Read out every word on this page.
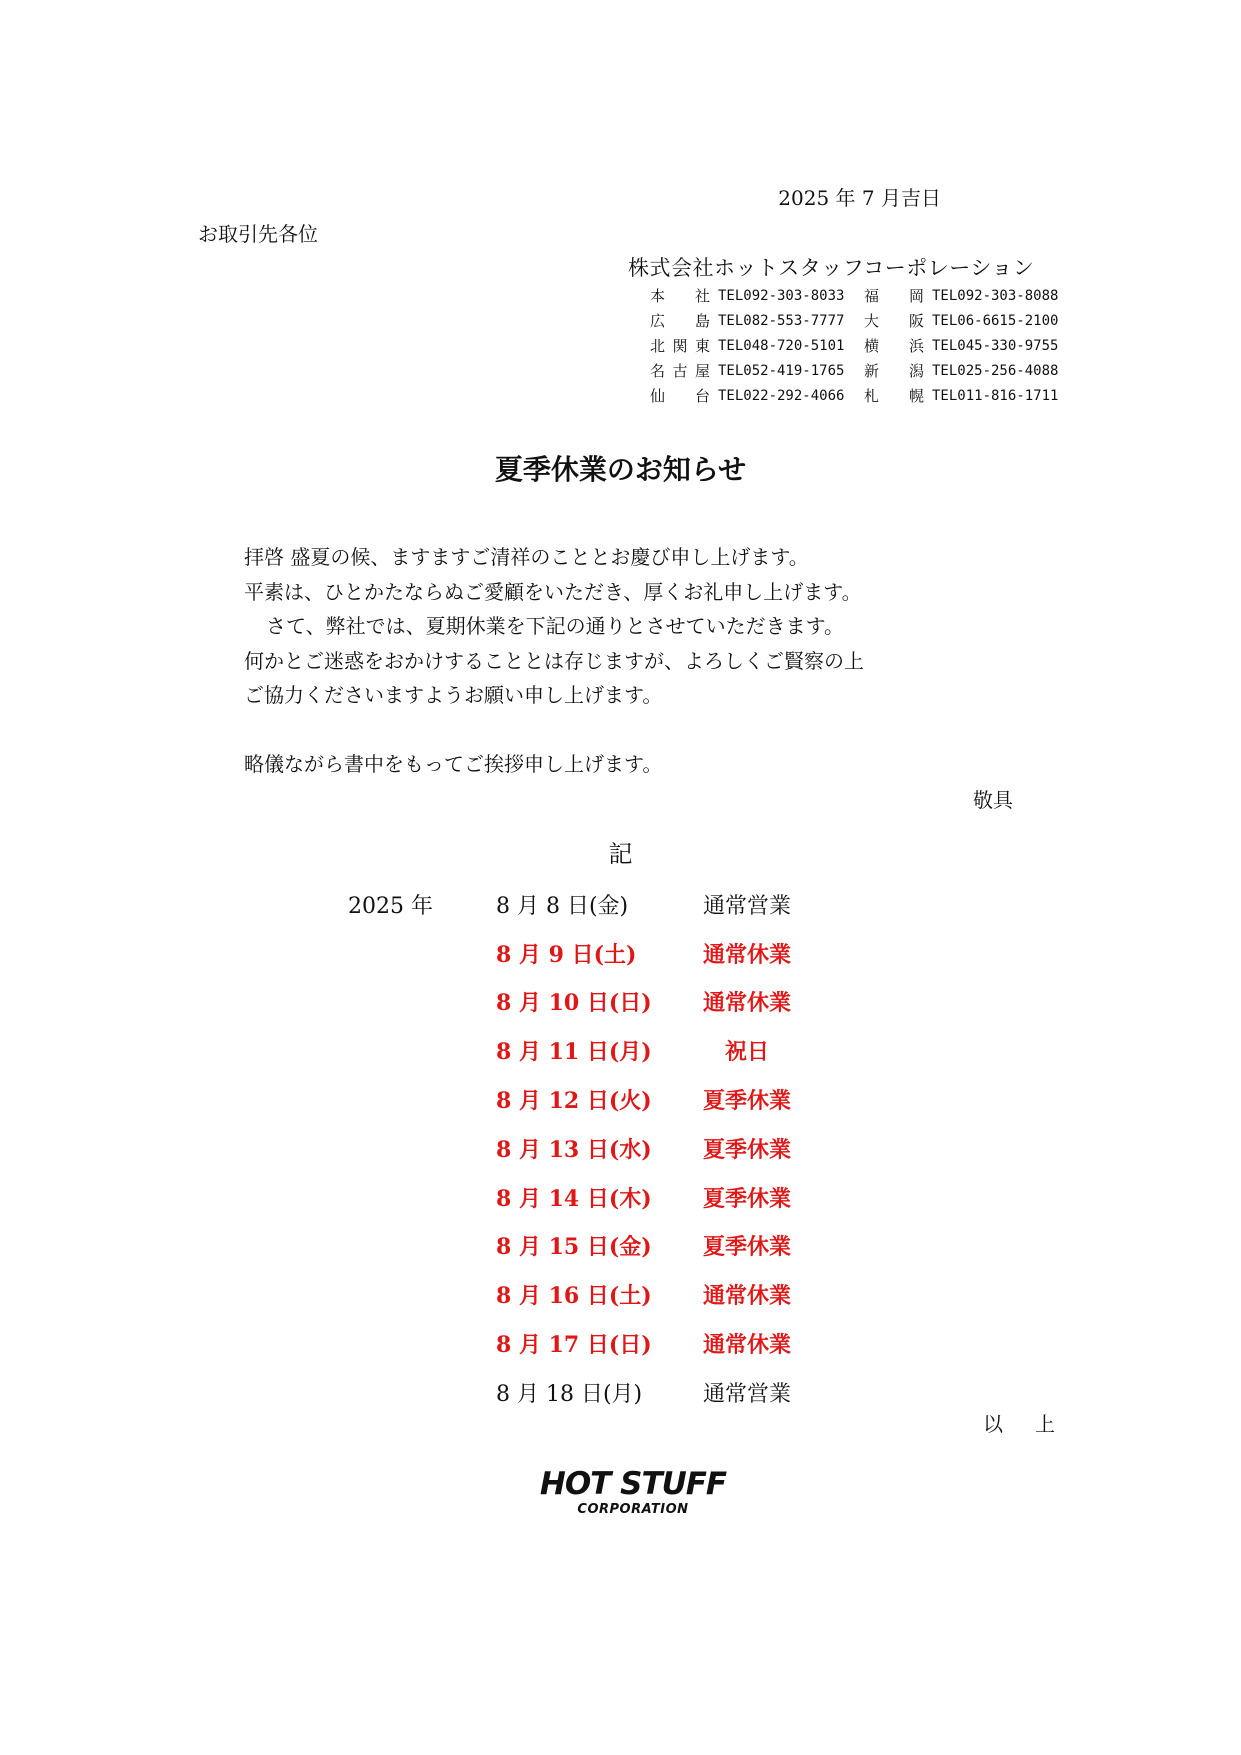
2025 年 7 月吉日
お取引先各位
株式会社ホットスタッフコーポレーション
本　社 TEL092-303-8033	福　岡 TEL092-303-8088
広　島 TEL082-553-7777	大　阪 TEL06-6615-2100
北関東 TEL048-720-5101	横　浜 TEL045-330-9755
名古屋 TEL052-419-1765	新　潟 TEL025-256-4088
仙　台 TEL022-292-4066	札　幌 TEL011-816-1711
夏季休業のお知らせ

拝啓 盛夏の候、ますますご清祥のこととお慶び申し上げます。

平素は、ひとかたならぬご愛顧をいただき、厚くお礼申し上げます。

さて、弊社では、夏期休業を下記の通りとさせていただきます。

何かとご迷惑をおかけすることとは存じますが、よろしくご賢察の上

ご協力くださいますようお願い申し上げます。

略儀ながら書中をもってご挨拶申し上げます。

敬具
記
2025 年	8 月 8 日(金)	通常営業
8 月 9 日(土)	通常休業
8 月 10 日(日)	通常休業
8 月 11 日(月)	祝日
8 月 12 日(火)	夏季休業
8 月 13 日(水)	夏季休業
8 月 14 日(木)	夏季休業
8 月 15 日(金)	夏季休業
8 月 16 日(土)	通常休業
8 月 17 日(日)	通常休業
8 月 18 日(月)	通常営業
以　上
HOT STUFF
CORPORATION
